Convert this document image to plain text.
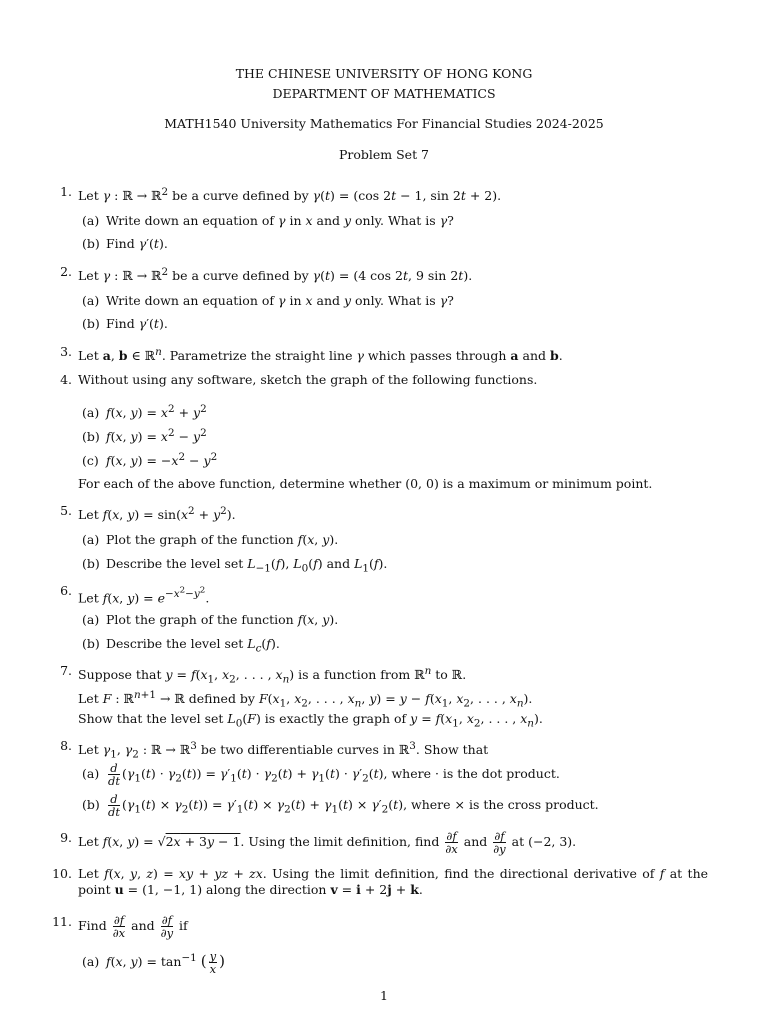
THE CHINESE UNIVERSITY OF HONG KONG
DEPARTMENT OF MATHEMATICS
MATH1540 University Mathematics For Financial Studies 2024-2025
Problem Set 7
1. Let γ : ℝ → ℝ$^2$ be a curve defined by γ(t) = (cos 2t − 1, sin 2t + 2).
(a) Write down an equation of γ in x and y only. What is γ?
(b) Find γ′(t).
2. Let γ : ℝ → ℝ$^2$ be a curve defined by γ(t) = (4 cos 2t, 9 sin 2t).
(a) Write down an equation of γ in x and y only. What is γ?
(b) Find γ′(t).
3. Let a, b ∈ ℝ$^n$. Parametrize the straight line γ which passes through a and b.
4. Without using any software, sketch the graph of the following functions.
(a) f(x, $y) = x^2 + y^2$
(b) f(x, $y) = x^2 - y^2$
(c) f(x, $y) = -x^2 - y^2$
For each of the above function, determine whether (0, 0) is a maximum or minimum point.
5. Let f(x, $y) = \sin(x^2 + y^2)$.
(a) Plot the graph of the function f(x, y).
(b) Describe the level set $L_{-1}(f)$, $L_0(f)$ and $L_1(f)$.
6.
Let f(x, $y) = e^{-x^2-y^2}$.
(a) Plot the graph of the function f(x, y).
(b) Describe the level set $L_c(f)$.
7. Suppose that $y = f(x_1$, $x_2$, . . . , $x_n$) is a function from ℝ$^n$ to ℝ.
Let F : ℝ$^{n+1}$ → ℝ defined by $F(x_1$, $x_2$, . . . , $x_n$, $y) = y - f(x_1$, $x_2$, . . . , $x_n$).
Show that the level set $L_0(F)$ is exactly the graph of $y = f(x_1$, $x_2$, . . . , $x_n$).
8. Let $\gamma_1$, $\gamma_2$ : ℝ → ℝ$^3$ be two differentiable curves in ℝ$^3$. Show that
$(a) \frac{d}{dt} (\gamma_1(t) \cdot \gamma_2(t)) = \gamma'_1(t) \cdot \gamma_2(t) + \gamma_1(t) \cdot \gamma'_2(t)$, where · is the dot product.
$(b) \frac{d}{dt} (\gamma_1(t) \times \gamma_2(t)) = \gamma'_1(t) \times \gamma_2(t) + \gamma_1(t) \times \gamma'_2(t)$, where × is the cross product.
9. Let f(x, y) = √2x + 3y − 1. Using the limit definition, find $\frac{\partial f}{\partial x}$ and $\frac{\partial f}{\partial y}$ at (−2, 3).
10. Let f(x, y, z) = xy + yz + zx. Using the limit definition, find the directional derivative of f at the point u = (1, −1, 1) along the direction v = i + 2j + k.
11. Find $\frac{\partial f}{\partial x}$ and $\frac{\partial f}{\partial y}$ if
(a) f(x, $y) = \tan^{-1}$ ( $\frac{y}{x}$ )
1
